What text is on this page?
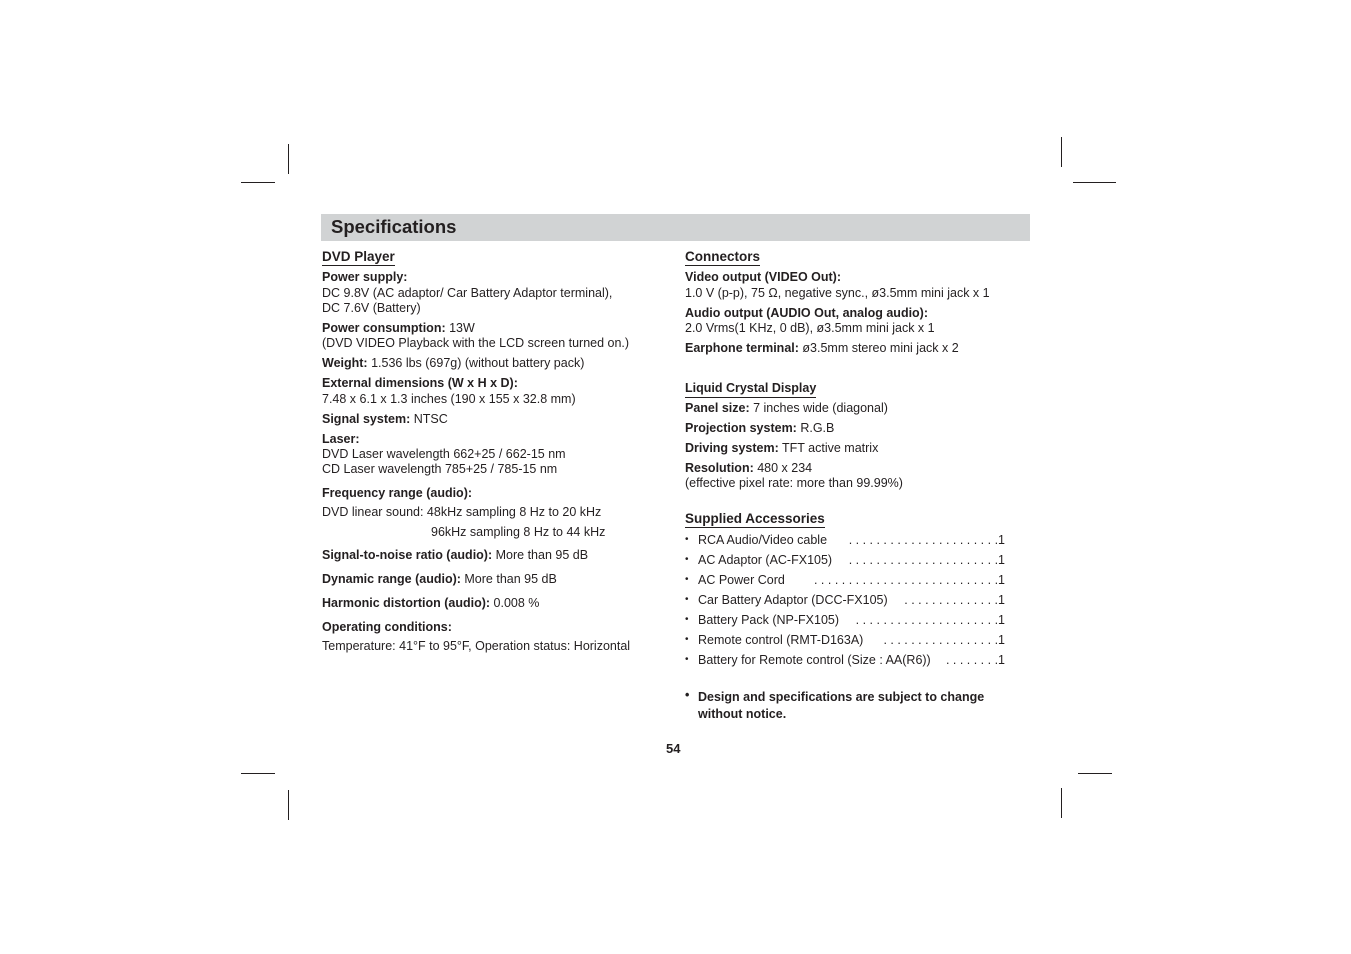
Specifications
DVD Player
Power supply:
DC 9.8V (AC adaptor/ Car Battery Adaptor terminal),
DC 7.6V (Battery)
Power consumption: 13W
(DVD VIDEO Playback with the LCD screen turned on.)
Weight: 1.536 lbs (697g) (without battery pack)
External dimensions (W x H x D):
7.48 x 6.1 x 1.3 inches (190 x 155 x 32.8 mm)
Signal system: NTSC
Laser:
DVD Laser wavelength 662+25 / 662-15 nm
CD Laser wavelength 785+25 / 785-15 nm
Frequency range (audio):
DVD linear sound: 48kHz sampling 8 Hz to 20 kHz
96kHz sampling 8 Hz to 44 kHz
Signal-to-noise ratio (audio): More than 95 dB
Dynamic range (audio): More than 95 dB
Harmonic distortion (audio): 0.008 %
Operating conditions:
Temperature: 41°F to 95°F, Operation status: Horizontal
Connectors
Video output (VIDEO Out):
1.0 V (p-p), 75 Ω, negative sync., ø3.5mm mini jack x 1
Audio output (AUDIO Out, analog audio):
2.0 Vrms(1 KHz, 0 dB), ø3.5mm mini jack x 1
Earphone terminal: ø3.5mm stereo mini jack x 2
Liquid Crystal Display
Panel size: 7 inches wide (diagonal)
Projection system: R.G.B
Driving system: TFT active matrix
Resolution: 480 x 234
(effective pixel rate: more than 99.99%)
Supplied Accessories
• RCA Audio/Video cable . . . . . . . . . . . . . . . . . . . . . .1
• AC Adaptor (AC-FX105) . . . . . . . . . . . . . . . . . . . . . .1
• AC Power Cord . . . . . . . . . . . . . . . . . . . . . . . . . . .1
• Car Battery Adaptor (DCC-FX105) . . . . . . . . . . . . . .1
• Battery Pack (NP-FX105) . . . . . . . . . . . . . . . . . . . . .1
• Remote control (RMT-D163A) . . . . . . . . . . . . . . . . .1
• Battery for Remote control (Size : AA(R6)) . . . . . . . .1
• Design and specifications are subject to change
without notice.
54
